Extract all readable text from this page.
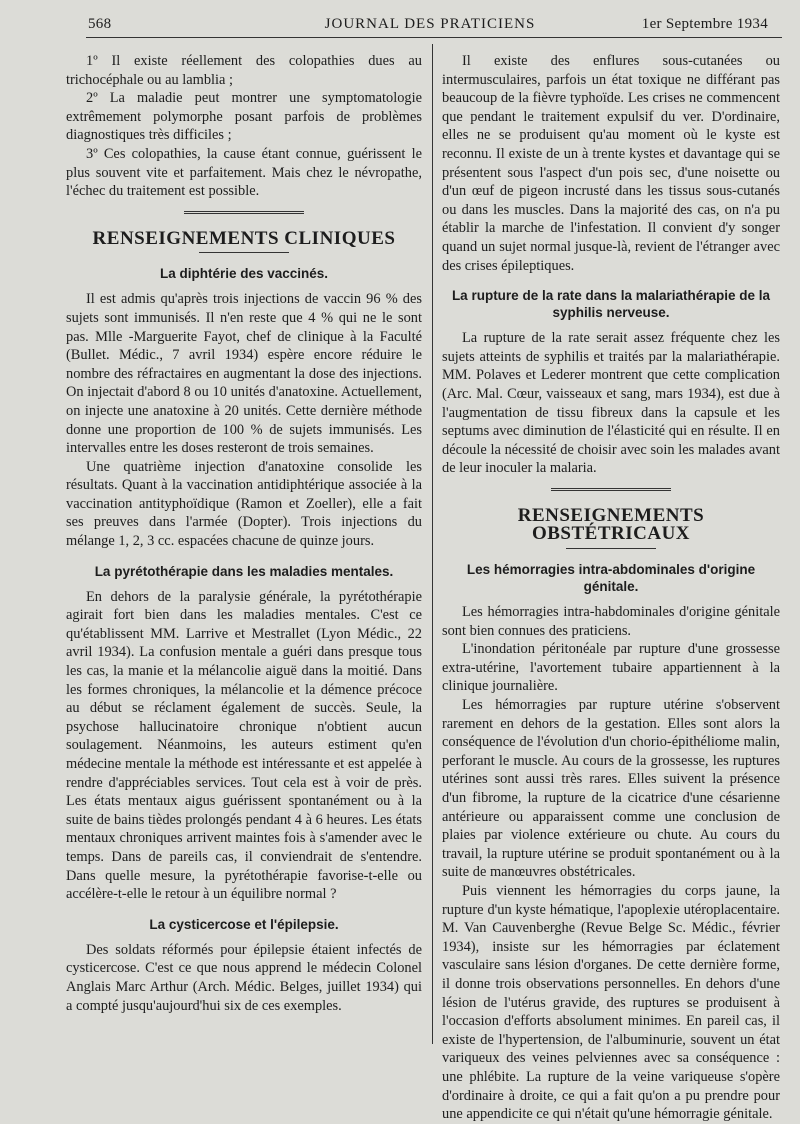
568	JOURNAL DES PRATICIENS	1er Septembre 1934

1º Il existe réellement des colopathies dues au trichocéphale ou au lamblia ;

2º La maladie peut montrer une symptomatologie extrêmement polymorphe posant parfois de problèmes diagnostiques très difficiles ;

3º Ces colopathies, la cause étant connue, guérissent le plus souvent vite et parfaitement. Mais chez le névropathe, l'échec du traitement est possible.

RENSEIGNEMENTS CLINIQUES
La diphtérie des vaccinés.

Il est admis qu'après trois injections de vaccin 96 % des sujets sont immunisés. Il n'en reste que 4 % qui ne le sont pas. Mlle -Marguerite Fayot, chef de clinique à la Faculté (Bullet. Médic., 7 avril 1934) espère encore réduire le nombre des réfractaires en augmentant la dose des injections. On injectait d'abord 8 ou 10 unités d'anatoxine. Actuellement, on injecte une anatoxine à 20 unités. Cette dernière méthode donne une proportion de 100 % de sujets immunisés. Les intervalles entre les doses resteront de trois semaines.

Une quatrième injection d'anatoxine consolide les résultats. Quant à la vaccination antidiphtérique associée à la vaccination antityphoïdique (Ramon et Zoeller), elle a fait ses preuves dans l'armée (Dopter). Trois injections du mélange 1, 2, 3 cc. espacées chacune de quinze jours.

La pyrétothérapie dans les maladies mentales.

En dehors de la paralysie générale, la pyrétothérapie agirait fort bien dans les maladies mentales. C'est ce qu'établissent MM. Larrive et Mestrallet (Lyon Médic., 22 avril 1934). La confusion mentale a guéri dans presque tous les cas, la manie et la mélancolie aiguë dans la moitié. Dans les formes chroniques, la mélancolie et la démence précoce au début se réclament également de succès. Seule, la psychose hallucinatoire chronique n'obtient aucun soulagement. Néanmoins, les auteurs estiment qu'en médecine mentale la méthode est intéressante et est appelée à rendre d'appréciables services. Tout cela est à voir de près. Les états mentaux aigus guérissent spontanément ou à la suite de bains tièdes prolongés pendant 4 à 6 heures. Les états mentaux chroniques arrivent maintes fois à s'amender avec le temps. Dans de pareils cas, il conviendrait de s'entendre. Dans quelle mesure, la pyrétothérapie favorise-t-elle ou accélère-t-elle le retour à un équilibre normal ?

La cysticercose et l'épilepsie.

Des soldats réformés pour épilepsie étaient infectés de cysticercose. C'est ce que nous apprend le médecin Colonel Anglais Marc Arthur (Arch. Médic. Belges, juillet 1934) qui a compté jusqu'aujourd'hui six de ces exemples.

Il existe des enflures sous-cutanées ou intermusculaires, parfois un état toxique ne différant pas beaucoup de la fièvre typhoïde. Les crises ne commencent que pendant le traitement expulsif du ver. D'ordinaire, elles ne se produisent qu'au moment où le kyste est reconnu. Il existe de un à trente kystes et davantage qui se présentent sous l'aspect d'un pois sec, d'une noisette ou d'un œuf de pigeon incrusté dans les tissus sous-cutanés ou dans les muscles. Dans la majorité des cas, on n'a pu établir la marche de l'infestation. Il convient d'y songer quand un sujet normal jusque-là, revient de l'étranger avec des crises épileptiques.

La rupture de la rate dans la malariathérapie de la syphilis nerveuse.

La rupture de la rate serait assez fréquente chez les sujets atteints de syphilis et traités par la malariathérapie. MM. Polaves et Lederer montrent que cette complication (Arc. Mal. Cœur, vaisseaux et sang, mars 1934), est due à l'augmentation de tissu fibreux dans la capsule et les septums avec diminution de l'élasticité qui en résulte. Il en découle la nécessité de choisir avec soin les malades avant de leur inoculer la malaria.

RENSEIGNEMENTS OBSTÉTRICAUX
Les hémorragies intra-abdominales d'origine génitale.

Les hémorragies intra-habdominales d'origine génitale sont bien connues des praticiens.

L'inondation péritonéale par rupture d'une grossesse extra-utérine, l'avortement tubaire appartiennent à la clinique journalière.

Les hémorragies par rupture utérine s'observent rarement en dehors de la gestation. Elles sont alors la conséquence de l'évolution d'un chorio-épithéliome malin, perforant le muscle. Au cours de la grossesse, les ruptures utérines sont aussi très rares. Elles suivent la présence d'un fibrome, la rupture de la cicatrice d'une césarienne antérieure ou apparaissent comme une conclusion de plaies par violence extérieure ou chute. Au cours du travail, la rupture utérine se produit spontanément ou à la suite de manœuvres obstétricales.

Puis viennent les hémorragies du corps jaune, la rupture d'un kyste hématique, l'apoplexie utéroplacentaire. M. Van Cauvenberghe (Revue Belge Sc. Médic., février 1934), insiste sur les hémorragies par éclatement vasculaire sans lésion d'organes. De cette dernière forme, il donne trois observations personnelles. En dehors d'une lésion de l'utérus gravide, des ruptures se produisent à l'occasion d'efforts absolument minimes. En pareil cas, il existe de l'hypertension, de l'albuminurie, souvent un état variqueux des veines pelviennes avec sa conséquence : une phlébite. La rupture de la veine variqueuse s'opère d'ordinaire à droite, ce qui a fait qu'on a pu prendre pour une appendicite ce qui n'était qu'une hémorragie génitale.
